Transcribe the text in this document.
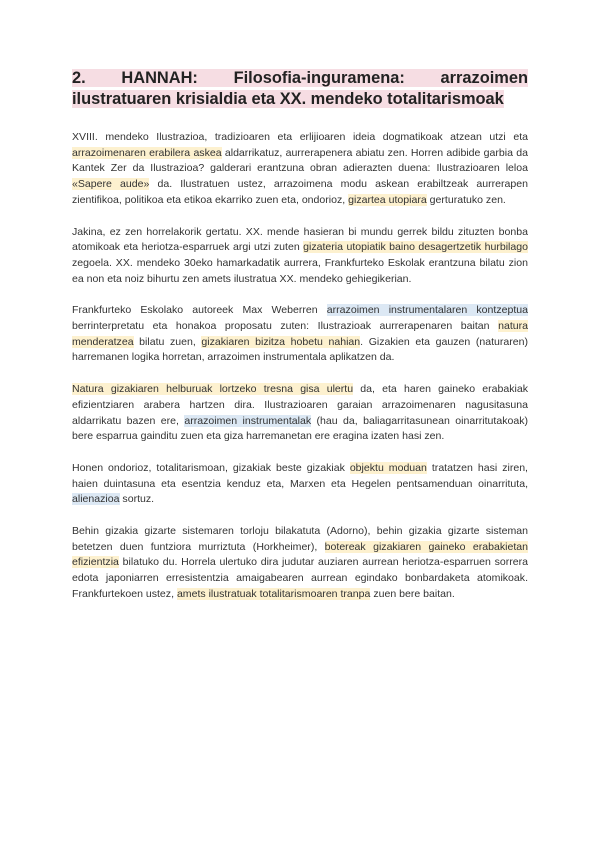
2. HANNAH: Filosofia-inguramena: arrazoimen ilustratuaren krisialdia eta XX. mendeko totalitarismoak

XVIII. mendeko Ilustrazioa, tradizioaren eta erlijioaren ideia dogmatikoak atzean utzi eta arrazoimenaren erabilera askea aldarrikatuz, aurrerapenera abiatu zen. Horren adibide garbia da Kantek Zer da Ilustrazioa? galderari erantzuna obran adierazten duena: Ilustrazioaren leloa «Sapere aude» da. Ilustratuen ustez, arrazoimena modu askean erabiltzeak aurrerapen zientifikoa, politikoa eta etikoa ekarriko zuen eta, ondorioz, gizartea utopiara gerturatuko zen.

Jakina, ez zen horrelakorik gertatu. XX. mende hasieran bi mundu gerrek bildu zituzten bonba atomikoak eta heriotza-esparruek argi utzi zuten gizateria utopiatik baino desagertzetik hurbilago zegoela. XX. mendeko 30eko hamarkadatik aurrera, Frankfurteko Eskolak erantzuna bilatu zion ea non eta noiz bihurtu zen amets ilustratua XX. mendeko gehiegikerian.

Frankfurteko Eskolako autoreek Max Weberren arrazoimen instrumentalaren kontzeptua berrinterpretatu eta honakoa proposatu zuten: Ilustrazioak aurrerapenaren baitan natura menderatzea bilatu zuen, gizakiaren bizitza hobetu nahian. Gizakien eta gauzen (naturaren) harremanen logika horretan, arrazoimen instrumentala aplikatzen da.

Natura gizakiaren helburuak lortzeko tresna gisa ulertu da, eta haren gaineko erabakiak efizientziaren arabera hartzen dira. Ilustrazioaren garaian arrazoimenaren nagusitasuna aldarrikatu bazen ere, arrazoimen instrumentalak (hau da, baliagarritasunean oinarritutakoak) bere esparrua gainditu zuen eta giza harremanetan ere eragina izaten hasi zen.

Honen ondorioz, totalitarismoan, gizakiak beste gizakiak objektu moduan tratatzen hasi ziren, haien duintasuna eta esentzia kenduz eta, Marxen eta Hegelen pentsamenduan oinarrituta, alienazioa sortuz.

Behin gizakia gizarte sistemaren torloju bilakatuta (Adorno), behin gizakia gizarte sisteman betetzen duen funtziora murriztuta (Horkheimer), botereak gizakiaren gaineko erabakietan efizientzia bilatuko du. Horrela ulertuko dira judutar auziaren aurrean heriotza-esparruen sorrera edota japoniarren erresistentzia amaigabearen aurrean egindako bonbardaketa atomikoak. Frankfurtekoen ustez, amets ilustratuak totalitarismoaren tranpa zuen bere baitan.
